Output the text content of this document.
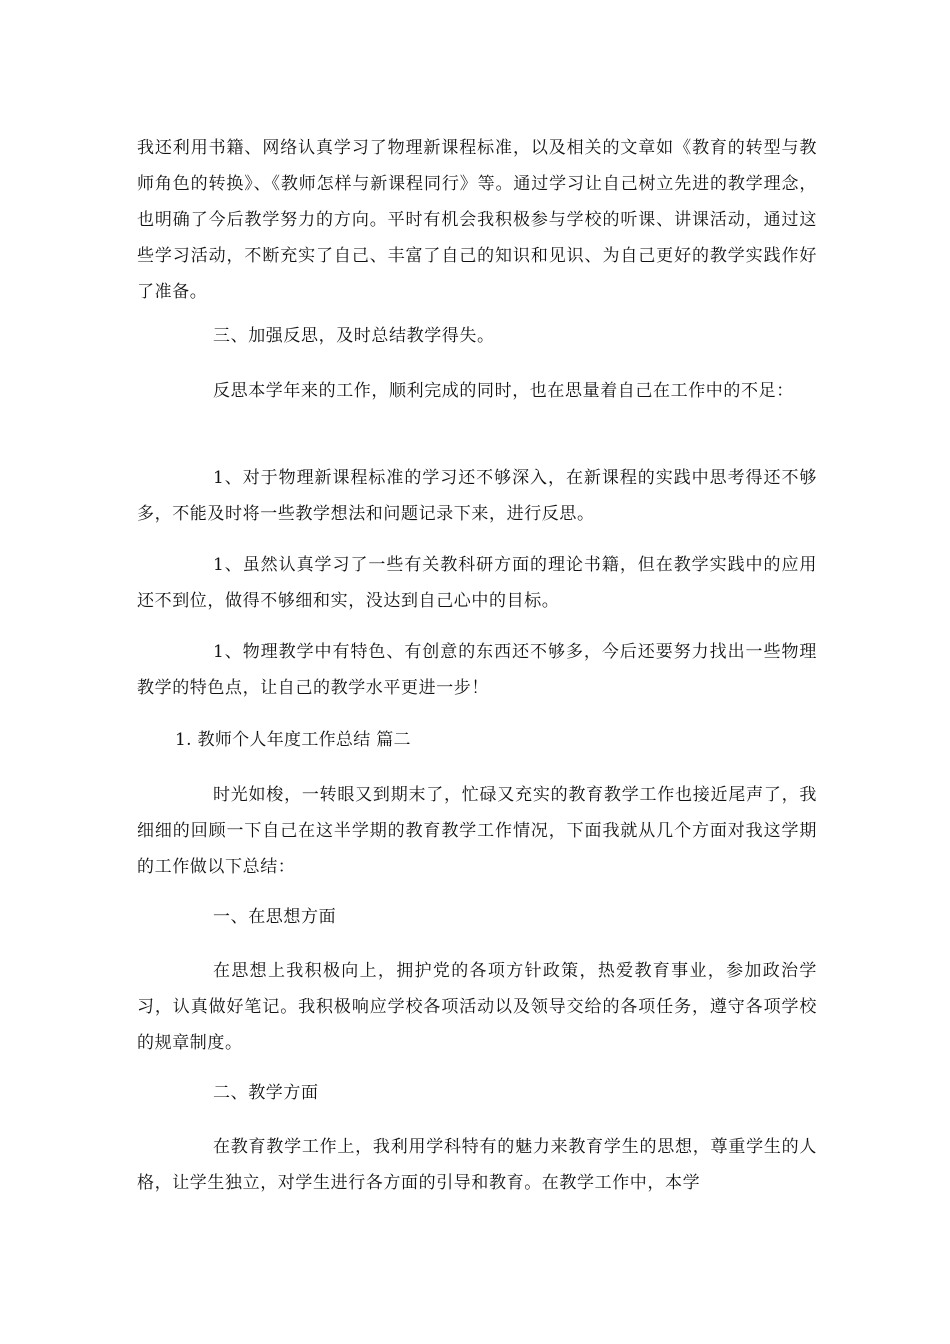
我还利用书籍、网络认真学习了物理新课程标准，以及相关的文章如《教育的转型与教师角色的转换》、《教师怎样与新课程同行》等。通过学习让自己树立先进的教学理念，也明确了今后教学努力的方向。平时有机会我积极参与学校的听课、讲课活动，通过这些学习活动，不断充实了自己、丰富了自己的知识和见识、为自己更好的教学实践作好了准备。

三、加强反思，及时总结教学得失。

反思本学年来的工作，顺利完成的同时，也在思量着自己在工作中的不足：

1、对于物理新课程标准的学习还不够深入，在新课程的实践中思考得还不够多，不能及时将一些教学想法和问题记录下来，进行反思。

1、虽然认真学习了一些有关教科研方面的理论书籍，但在教学实践中的应用还不到位，做得不够细和实，没达到自己心中的目标。

1、物理教学中有特色、有创意的东西还不够多，今后还要努力找出一些物理教学的特色点，让自己的教学水平更进一步！

1. 教师个人年度工作总结 篇二

时光如梭，一转眼又到期末了，忙碌又充实的教育教学工作也接近尾声了，我细细的回顾一下自己在这半学期的教育教学工作情况，下面我就从几个方面对我这学期的工作做以下总结：

一、在思想方面

在思想上我积极向上，拥护党的各项方针政策，热爱教育事业，参加政治学习，认真做好笔记。我积极响应学校各项活动以及领导交给的各项任务，遵守各项学校的规章制度。

二、教学方面

在教育教学工作上，我利用学科特有的魅力来教育学生的思想，尊重学生的人格，让学生独立，对学生进行各方面的引导和教育。在教学工作中，本学
